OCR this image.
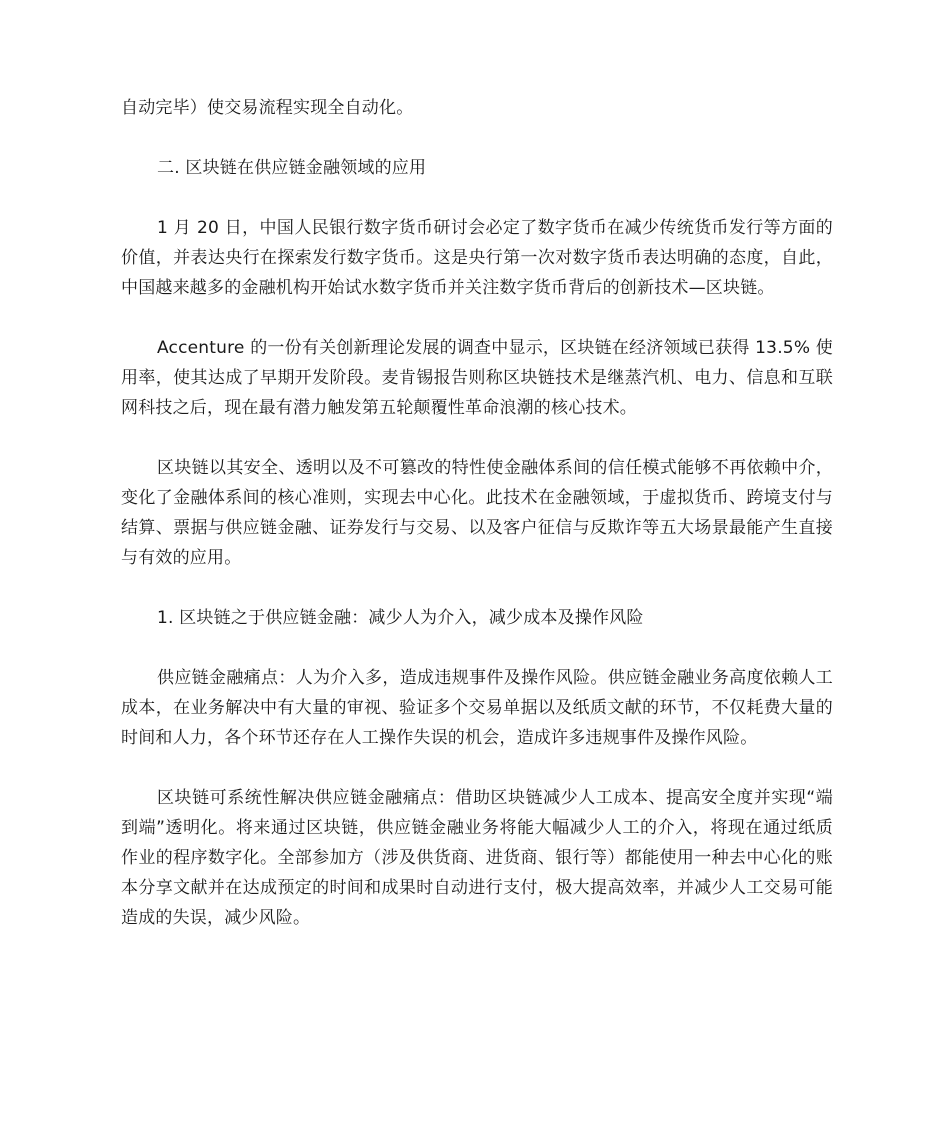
自动完毕）使交易流程实现全自动化。

二. 区块链在供应链金融领域的应用

1 月 20 日，中国人民银行数字货币研讨会必定了数字货币在减少传统货币发行等方面的价值，并表达央行在探索发行数字货币。这是央行第一次对数字货币表达明确的态度，自此，中国越来越多的金融机构开始试水数字货币并关注数字货币背后的创新技术—区块链。

Accenture 的一份有关创新理论发展的调查中显示，区块链在经济领域已获得 13.5% 使用率，使其达成了早期开发阶段。麦肯锡报告则称区块链技术是继蒸汽机、电力、信息和互联网科技之后，现在最有潜力触发第五轮颠覆性革命浪潮的核心技术。

区块链以其安全、透明以及不可篡改的特性使金融体系间的信任模式能够不再依赖中介，变化了金融体系间的核心准则，实现去中心化。此技术在金融领域，于虚拟货币、跨境支付与结算、票据与供应链金融、证券发行与交易、以及客户征信与反欺诈等五大场景最能产生直接与有效的应用。

1. 区块链之于供应链金融：减少人为介入，减少成本及操作风险

供应链金融痛点：人为介入多，造成违规事件及操作风险。供应链金融业务高度依赖人工成本，在业务解决中有大量的审视、验证多个交易单据以及纸质文献的环节，不仅耗费大量的时间和人力，各个环节还存在人工操作失误的机会，造成许多违规事件及操作风险。

区块链可系统性解决供应链金融痛点：借助区块链减少人工成本、提高安全度并实现“端到端”透明化。将来通过区块链，供应链金融业务将能大幅减少人工的介入，将现在通过纸质作业的程序数字化。全部参加方（涉及供货商、进货商、银行等）都能使用一种去中心化的账本分享文献并在达成预定的时间和成果时自动进行支付，极大提高效率，并减少人工交易可能造成的失误，减少风险。
